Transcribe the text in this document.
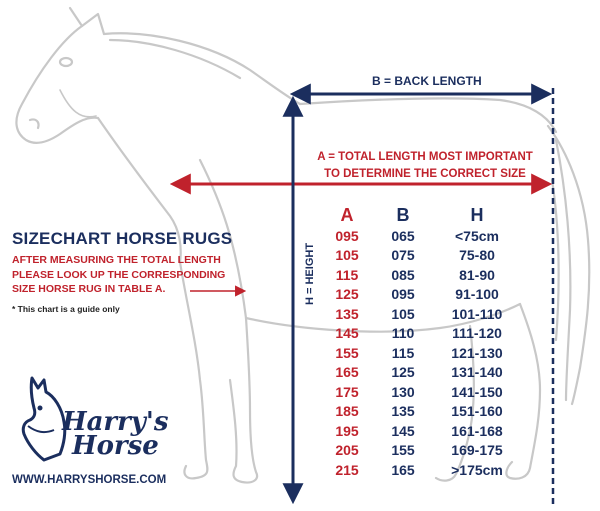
B = BACK LENGTH
A = TOTAL LENGTH MOST IMPORTANT
TO DETERMINE THE CORRECT SIZE
H = HEIGHT
SIZECHART HORSE RUGS
AFTER MEASURING THE TOTAL LENGTH
PLEASE LOOK UP THE CORRESPONDING
SIZE HORSE RUG IN TABLE A.
* This chart is a guide only
Harry's
Horse
WWW.HARRYSHORSE.COM
A	B	H
095	065	<75cm
105	075	75-80
115	085	81-90
125	095	91-100
135	105	101-110
145	110	111-120
155	115	121-130
165	125	131-140
175	130	141-150
185	135	151-160
195	145	161-168
205	155	169-175
215	165	>175cm
